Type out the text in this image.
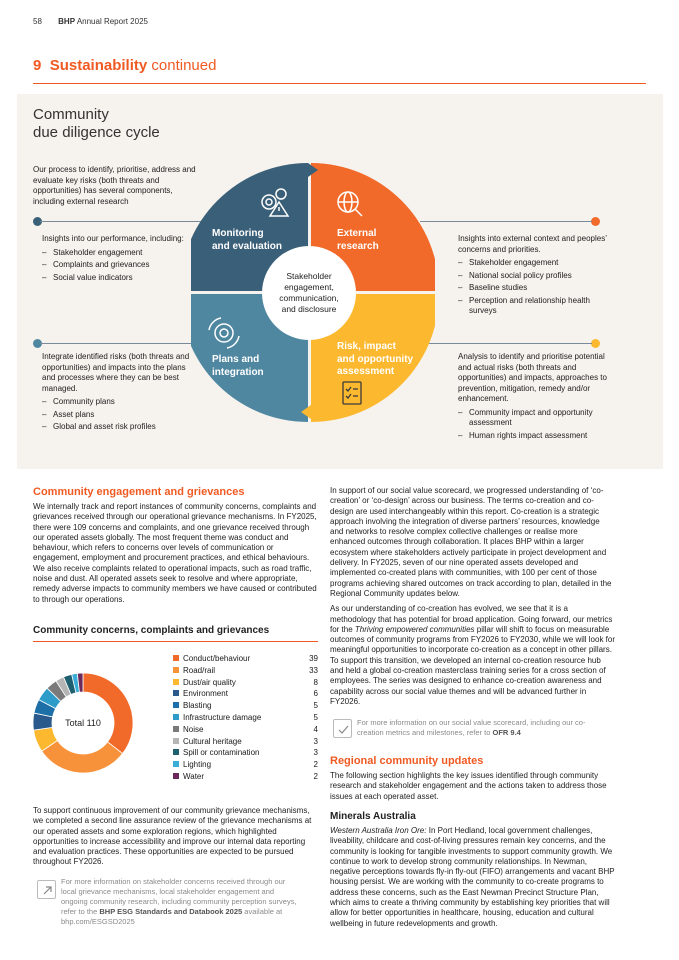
58 BHP Annual Report 2025
9 Sustainability continued
Community
due diligence cycle
Our process to identify, prioritise, address and evaluate key risks (both threats and opportunities) has several components, including external research
Insights into our performance, including:
– Stakeholder engagement
– Complaints and grievances
– Social value indicators
Integrate identified risks (both threats and opportunities) and impacts into the plans and processes where they can be best managed.
– Community plans
– Asset plans
– Global and asset risk profiles
Insights into external context and peoples’ concerns and priorities.
– Stakeholder engagement
– National social policy profiles
– Baseline studies
– Perception and relationship health surveys
Analysis to identify and prioritise potential and actual risks (both threats and opportunities) and impacts, approaches to prevention, mitigation, remedy and/or enhancement.
– Community impact and opportunity assessment
– Human rights impact assessment
Monitoring
and evaluation
External
research
Plans and
integration
Risk, impact
and opportunity
assessment
Stakeholder
engagement,
communication,
and disclosure
Community engagement and grievances
We internally track and report instances of community concerns, complaints and grievances received through our operational grievance mechanisms. In FY2025, there were 109 concerns and complaints, and one grievance received through our operated assets globally. The most frequent theme was conduct and behaviour, which refers to concerns over levels of communication or engagement, employment and procurement practices, and ethical behaviours. We also receive complaints related to operational impacts, such as road traffic, noise and dust. All operated assets seek to resolve and where appropriate, remedy adverse impacts to community members we have caused or contributed to through our operations.
Community concerns, complaints and grievances
Total 110
Conduct/behaviour	39
Road/rail	33
Dust/air quality	8
Environment	6
Blasting	5
Infrastructure damage	5
Noise	4
Cultural heritage	3
Spill or contamination	3
Lighting	2
Water	2
To support continuous improvement of our community grievance mechanisms, we completed a second line assurance review of the grievance mechanisms at our operated assets and some exploration regions, which highlighted opportunities to increase accessibility and improve our internal data reporting and evaluation practices. These opportunities are expected to be pursued throughout FY2026.
For more information on stakeholder concerns received through our local grievance mechanisms, local stakeholder engagement and ongoing community research, including community perception surveys, refer to the BHP ESG Standards and Databook 2025 available at bhp.com/ESGSD2025

In support of our social value scorecard, we progressed understanding of ‘co-creation’ or ‘co-design’ across our business. The terms co-creation and co-design are used interchangeably within this report. Co-creation is a strategic approach involving the integration of diverse partners’ resources, knowledge and networks to resolve complex collective challenges or realise more enhanced outcomes through collaboration. It places BHP within a larger ecosystem where stakeholders actively participate in project development and delivery. In FY2025, seven of our nine operated assets developed and implemented co-created plans with communities, with 100 per cent of those programs achieving shared outcomes on track according to plan, detailed in the Regional Community updates below.

As our understanding of co-creation has evolved, we see that it is a methodology that has potential for broad application. Going forward, our metrics for the Thriving empowered communities pillar will shift to focus on measurable outcomes of community programs from FY2026 to FY2030, while we will look for meaningful opportunities to incorporate co-creation as a concept in other pillars. To support this transition, we developed an internal co-creation resource hub and held a global co-creation masterclass training series for a cross section of employees. The series was designed to enhance co-creation awareness and capability across our social value themes and will be advanced further in FY2026.

For more information on our social value scorecard, including our co-creation metrics and milestones, refer to OFR 9.4
Regional community updates
The following section highlights the key issues identified through community research and stakeholder engagement and the actions taken to address those issues at each operated asset.
Minerals Australia
Western Australia Iron Ore: In Port Hedland, local government challenges, liveability, childcare and cost-of-living pressures remain key concerns, and the community is looking for tangible investments to support community growth. We continue to work to develop strong community relationships. In Newman, negative perceptions towards fly-in fly-out (FIFO) arrangements and vacant BHP housing persist. We are working with the community to co-create programs to address these concerns, such as the East Newman Precinct Structure Plan, which aims to create a thriving community by establishing key priorities that will allow for better opportunities in healthcare, housing, education and cultural wellbeing in future redevelopments and growth.
